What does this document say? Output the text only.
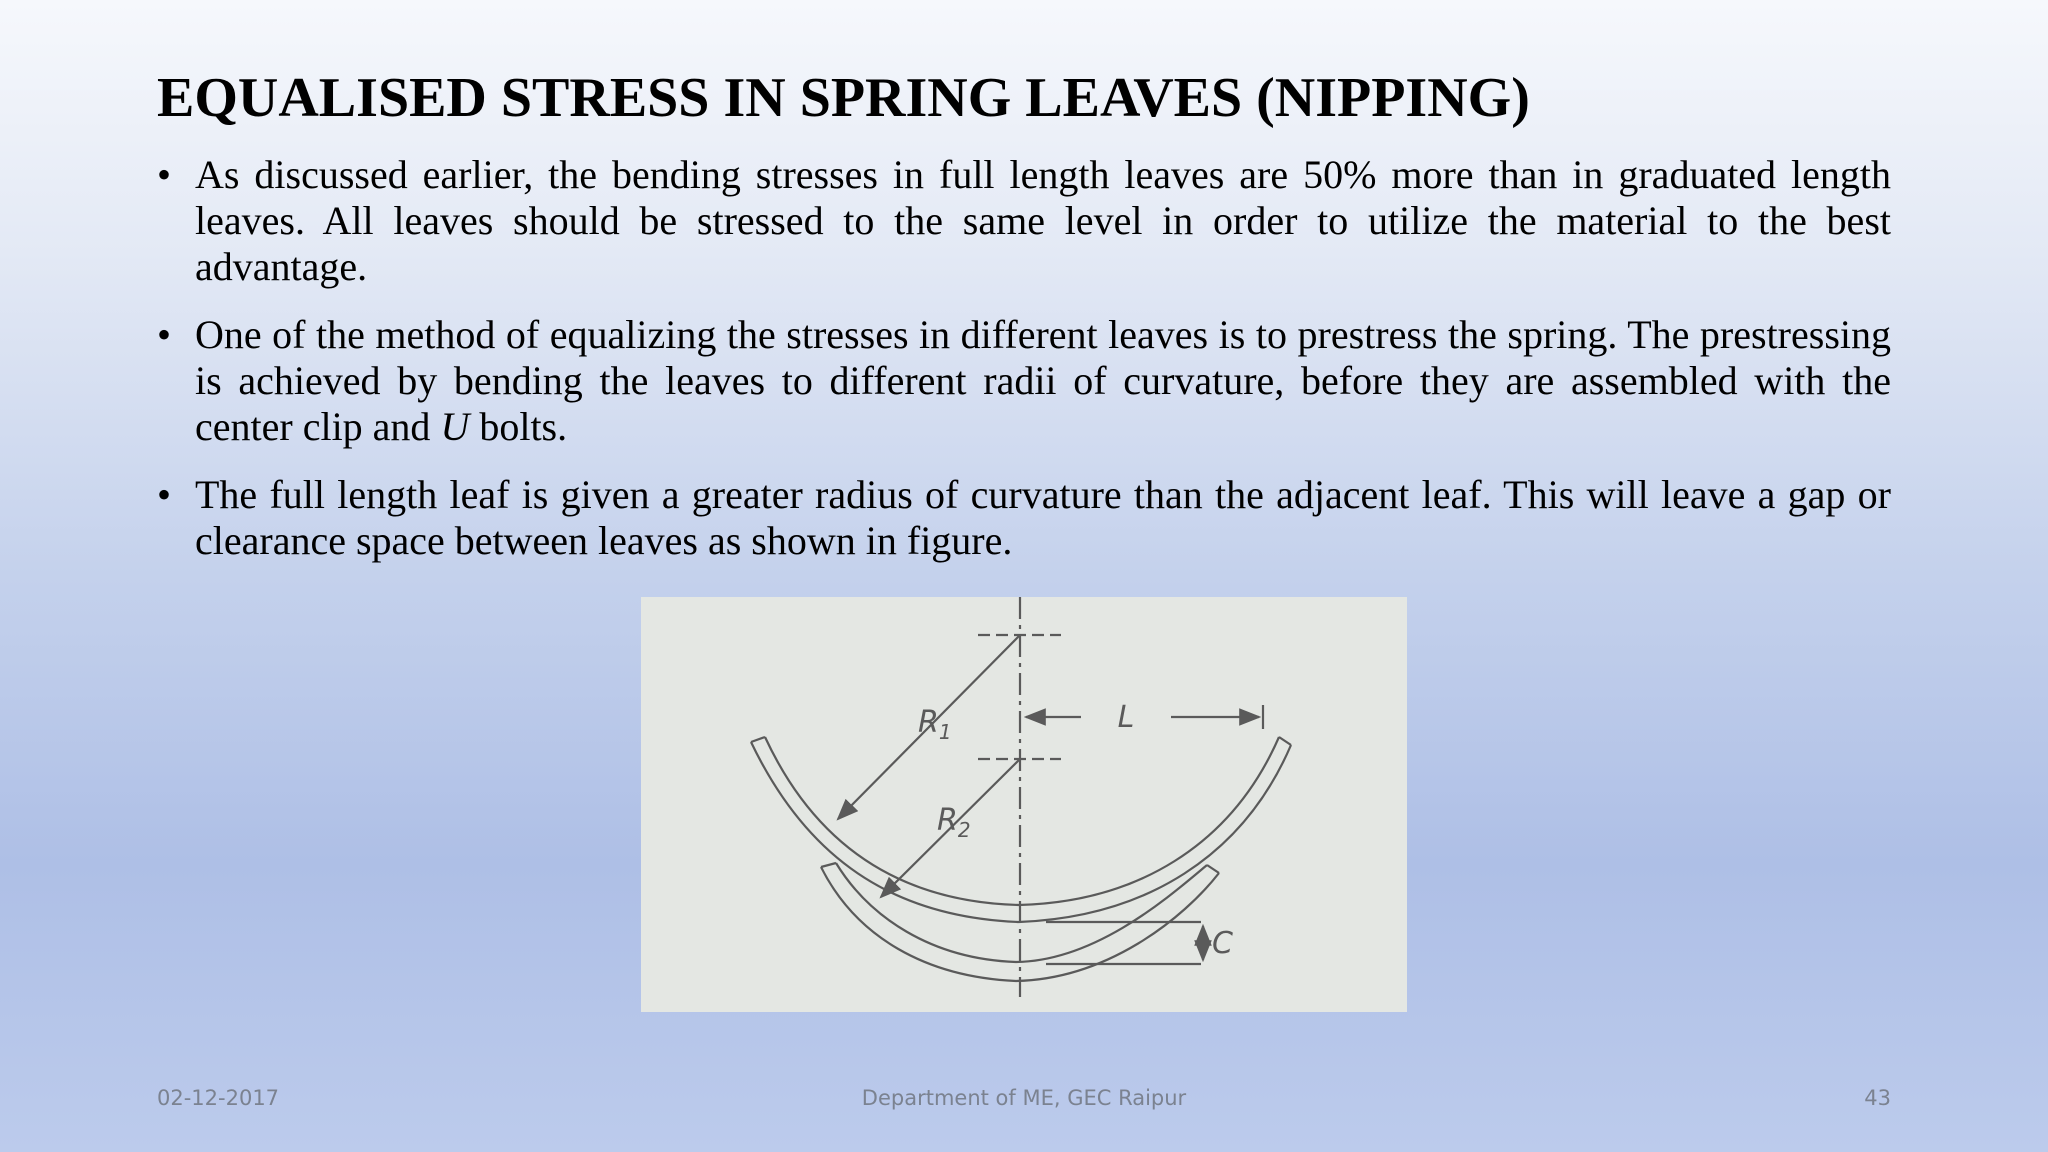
EQUALISED STRESS IN SPRING LEAVES (NIPPING)
• As discussed earlier, the bending stresses in full length leaves are 50% more than in graduated length leaves. All leaves should be stressed to the same level in order to utilize the material to the best advantage.
• One of the method of equalizing the stresses in different leaves is to prestress the spring. The prestressing is achieved by bending the leaves to different radii of curvature, before they are assembled with the center clip and U bolts.
• The full length leaf is given a greater radius of curvature than the adjacent leaf. This will leave a gap or clearance space between leaves as shown in figure.
$R_1$
$R_2$
L
C
02-12-2017	Department of ME, GEC Raipur	43
